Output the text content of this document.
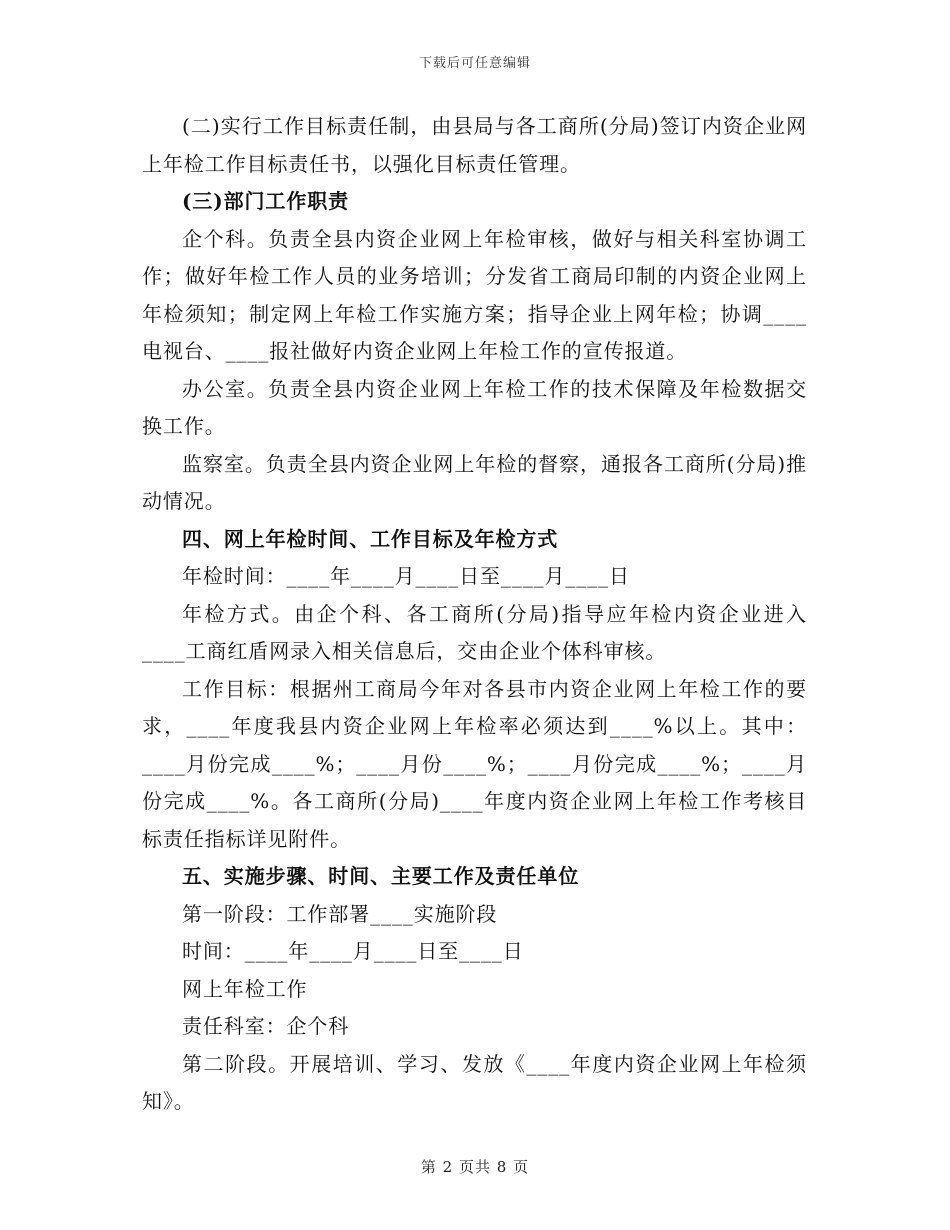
下载后可任意编辑

(二)实行工作目标责任制，由县局与各工商所(分局)签订内资企业网上年检工作目标责任书，以强化目标责任管理。

(三)部门工作职责

企个科。负责全县内资企业网上年检审核，做好与相关科室协调工作；做好年检工作人员的业务培训；分发省工商局印制的内资企业网上年检须知；制定网上年检工作实施方案；指导企业上网年检；协调____电视台、____报社做好内资企业网上年检工作的宣传报道。

办公室。负责全县内资企业网上年检工作的技术保障及年检数据交换工作。

监察室。负责全县内资企业网上年检的督察，通报各工商所(分局)推动情况。

四、网上年检时间、工作目标及年检方式

年检时间：____年____月____日至____月____日

年检方式。由企个科、各工商所(分局)指导应年检内资企业进入____工商红盾网录入相关信息后，交由企业个体科审核。

工作目标：根据州工商局今年对各县市内资企业网上年检工作的要求，____年度我县内资企业网上年检率必须达到____%以上。其中：____月份完成____%；____月份____%；____月份完成____%；____月份完成____%。各工商所(分局)____年度内资企业网上年检工作考核目标责任指标详见附件。

五、实施步骤、时间、主要工作及责任单位

第一阶段：工作部署____实施阶段

时间：____年____月____日至____日

网上年检工作

责任科室：企个科

第二阶段。开展培训、学习、发放《____年度内资企业网上年检须知》。

第 2 页共 8 页
